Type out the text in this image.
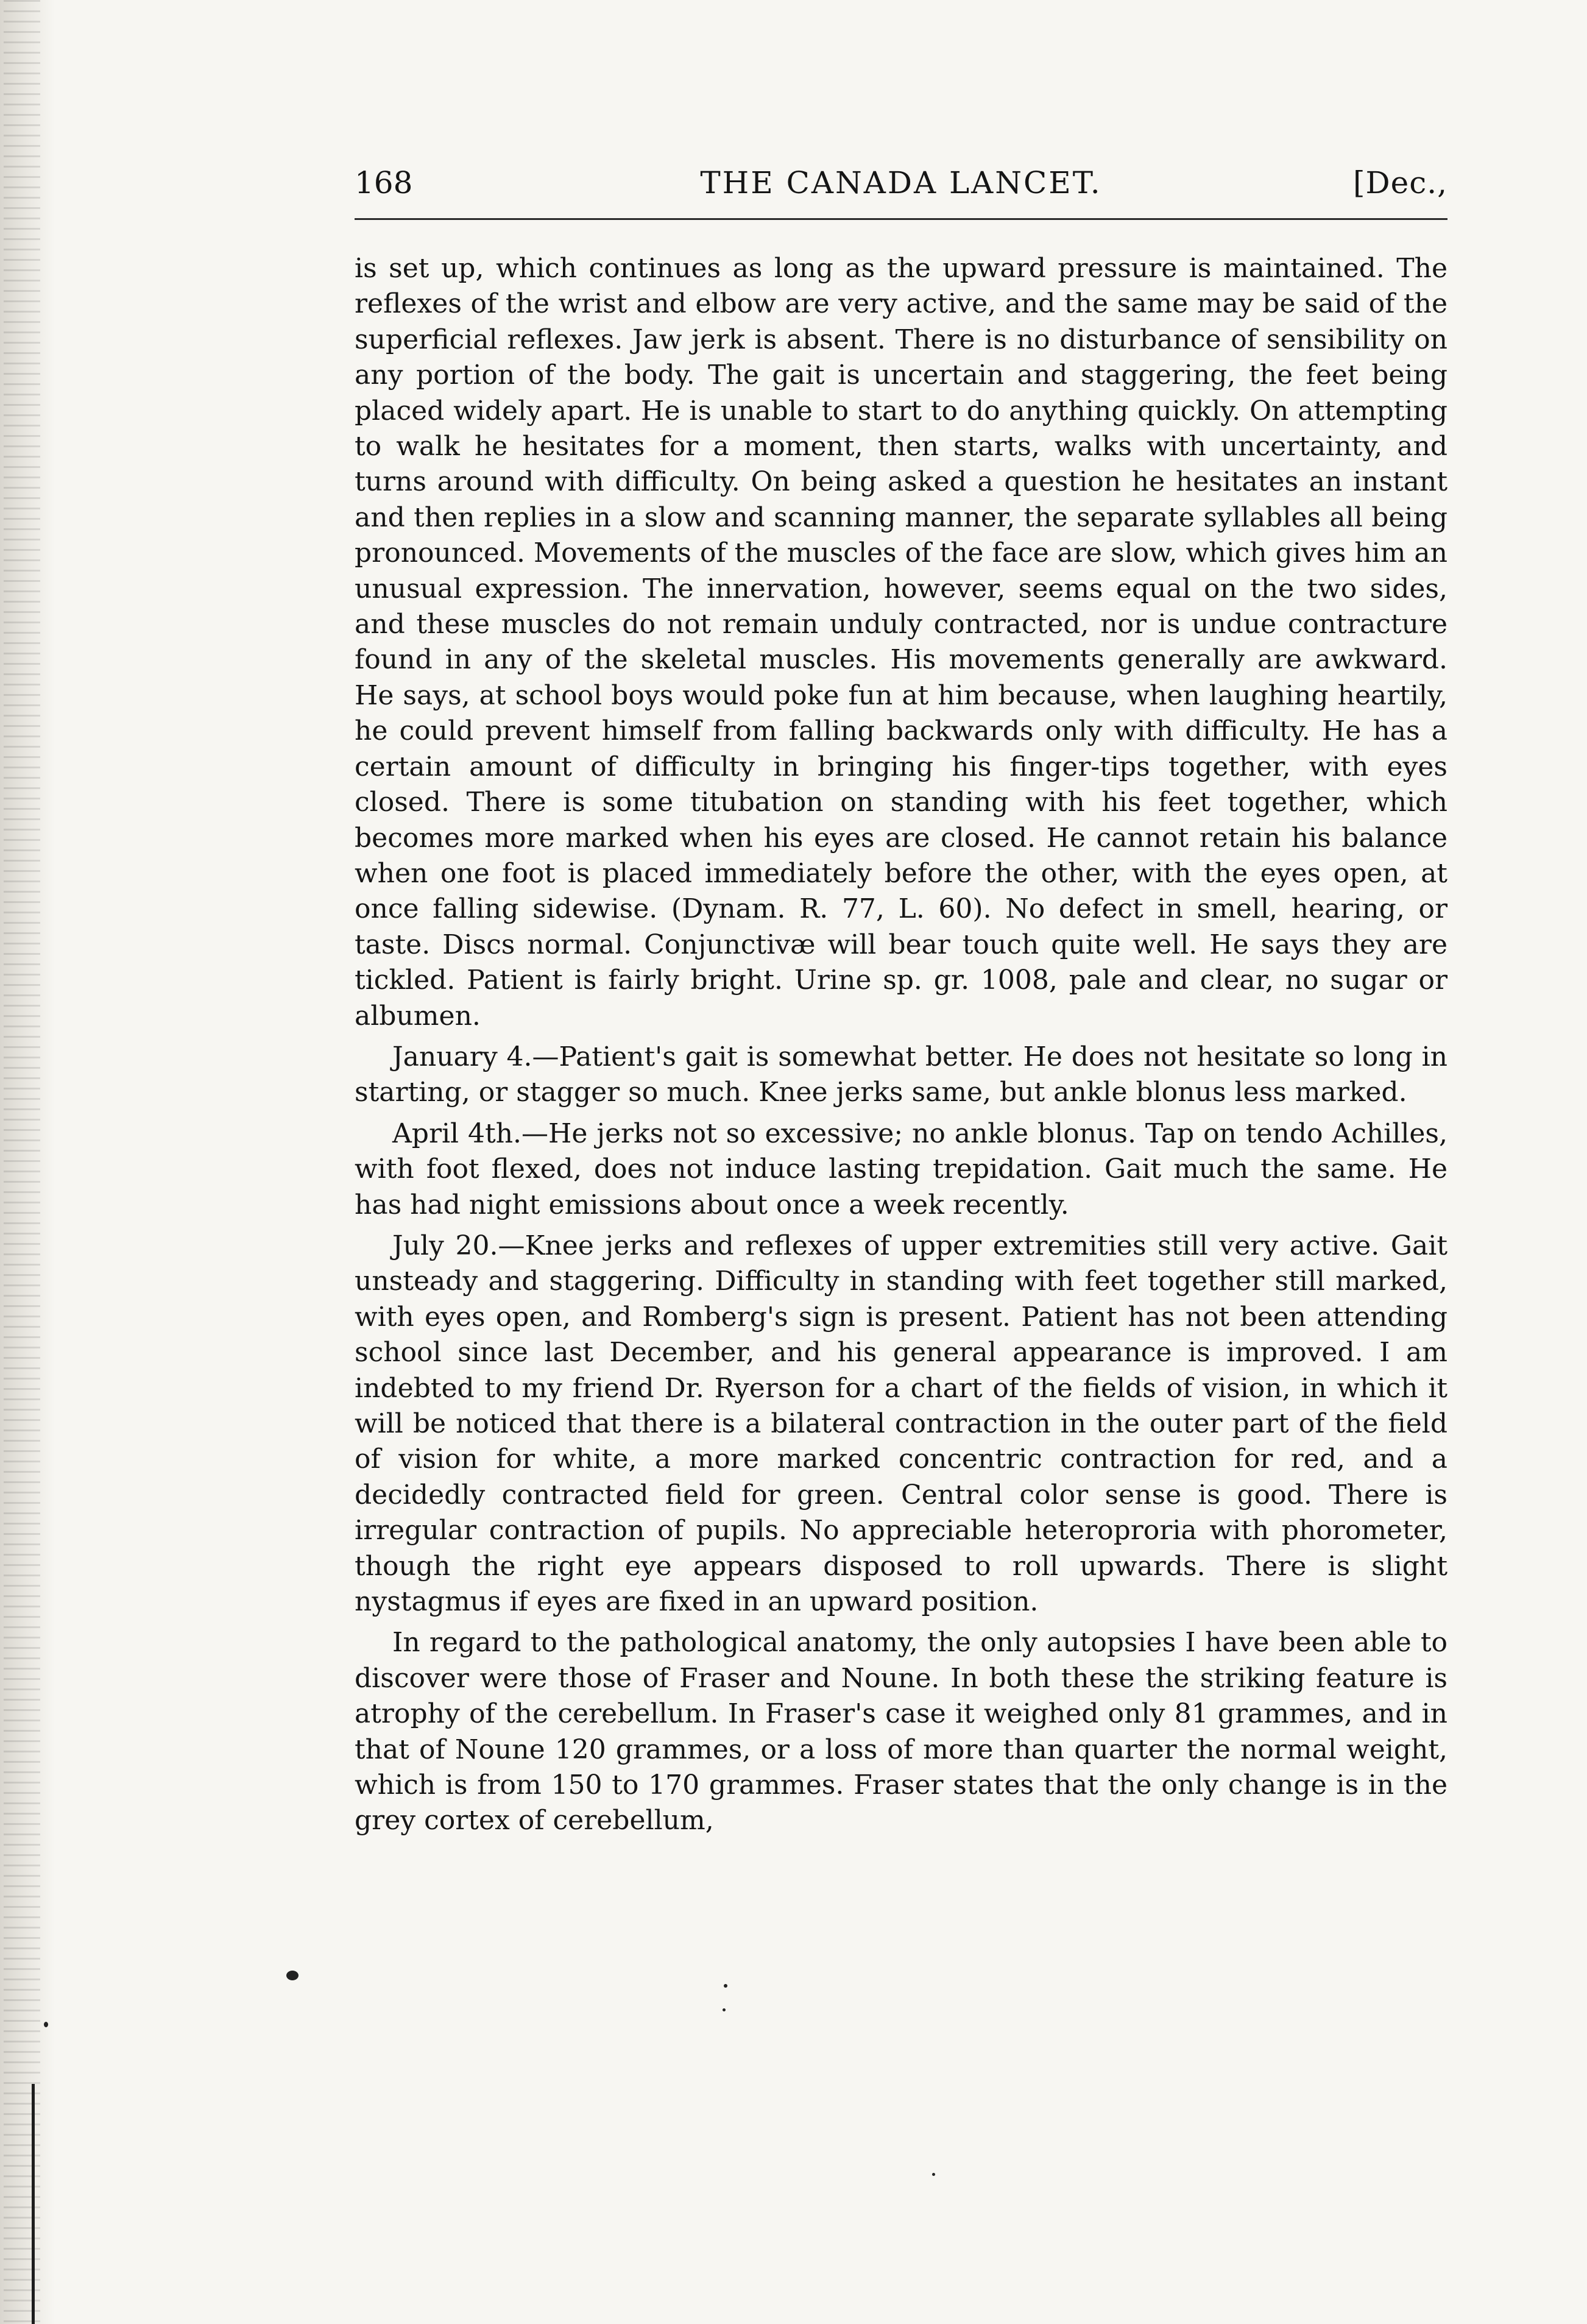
168	THE CANADA LANCET.	[Dec.,

is set up, which continues as long as the upward pressure is maintained. The reflexes of the wrist and elbow are very active, and the same may be said of the superficial reflexes. Jaw jerk is absent. There is no disturbance of sensibility on any portion of the body. The gait is uncertain and staggering, the feet being placed widely apart. He is unable to start to do anything quickly. On attempting to walk he hesitates for a moment, then starts, walks with uncertainty, and turns around with difficulty. On being asked a question he hesitates an instant and then replies in a slow and scanning manner, the separate syllables all being pronounced. Movements of the muscles of the face are slow, which gives him an unusual expression. The innervation, however, seems equal on the two sides, and these muscles do not remain unduly contracted, nor is undue contracture found in any of the skeletal muscles. His movements generally are awkward. He says, at school boys would poke fun at him because, when laughing heartily, he could prevent himself from falling backwards only with difficulty. He has a certain amount of difficulty in bringing his finger-tips together, with eyes closed. There is some titubation on standing with his feet together, which becomes more marked when his eyes are closed. He cannot retain his balance when one foot is placed immediately before the other, with the eyes open, at once falling sidewise. (Dynam. R. 77, L. 60). No defect in smell, hearing, or taste. Discs normal. Conjunctivæ will bear touch quite well. He says they are tickled. Patient is fairly bright. Urine sp. gr. 1008, pale and clear, no sugar or albumen.

January 4.—Patient's gait is somewhat better. He does not hesitate so long in starting, or stagger so much. Knee jerks same, but ankle blonus less marked.

April 4th.—He jerks not so excessive; no ankle blonus. Tap on tendo Achilles, with foot flexed, does not induce lasting trepidation. Gait much the same. He has had night emissions about once a week recently.

July 20.—Knee jerks and reflexes of upper extremities still very active. Gait unsteady and staggering. Difficulty in standing with feet together still marked, with eyes open, and Romberg's sign is present. Patient has not been attending school since last December, and his general appearance is improved. I am indebted to my friend Dr. Ryerson for a chart of the fields of vision, in which it will be noticed that there is a bilateral contraction in the outer part of the field of vision for white, a more marked concentric contraction for red, and a decidedly contracted field for green. Central color sense is good. There is irregular contraction of pupils. No appreciable heteroproria with phorometer, though the right eye appears disposed to roll upwards. There is slight nystagmus if eyes are fixed in an upward position.

In regard to the pathological anatomy, the only autopsies I have been able to discover were those of Fraser and Noune. In both these the striking feature is atrophy of the cerebellum. In Fraser's case it weighed only 81 grammes, and in that of Noune 120 grammes, or a loss of more than quarter the normal weight, which is from 150 to 170 grammes. Fraser states that the only change is in the grey cortex of cerebellum,
